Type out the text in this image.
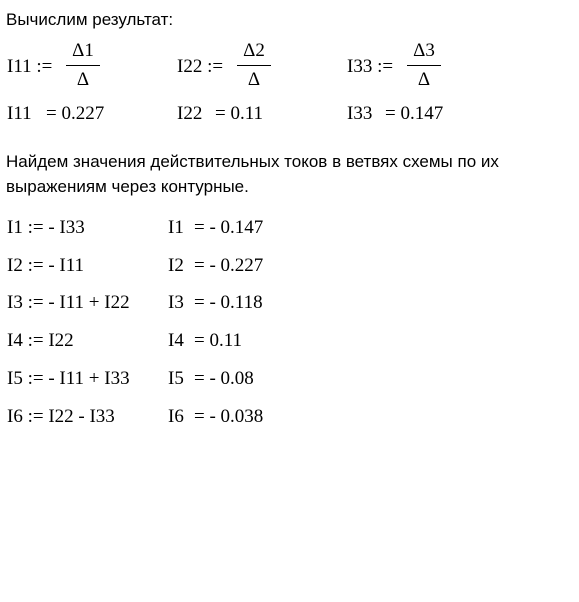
Вычислим результат:
I11 :=
Δ1
Δ
I22 :=
Δ2
Δ
I33 :=
Δ3
Δ
I11 = 0.227	I22 = 0.11	I33 = 0.147
Найдем значения действительных токов в ветвях схемы по их
выражениям через контурные.
I1 := - I33	I1 = - 0.147
I2 := - I11	I2 = - 0.227
I3 := - I11 + I22 I3 = - 0.118
I4 := I22	I4 = 0.11
I5 := - I11 + I33 I5 = - 0.08
I6 := I22 - I33	I6 = - 0.038
